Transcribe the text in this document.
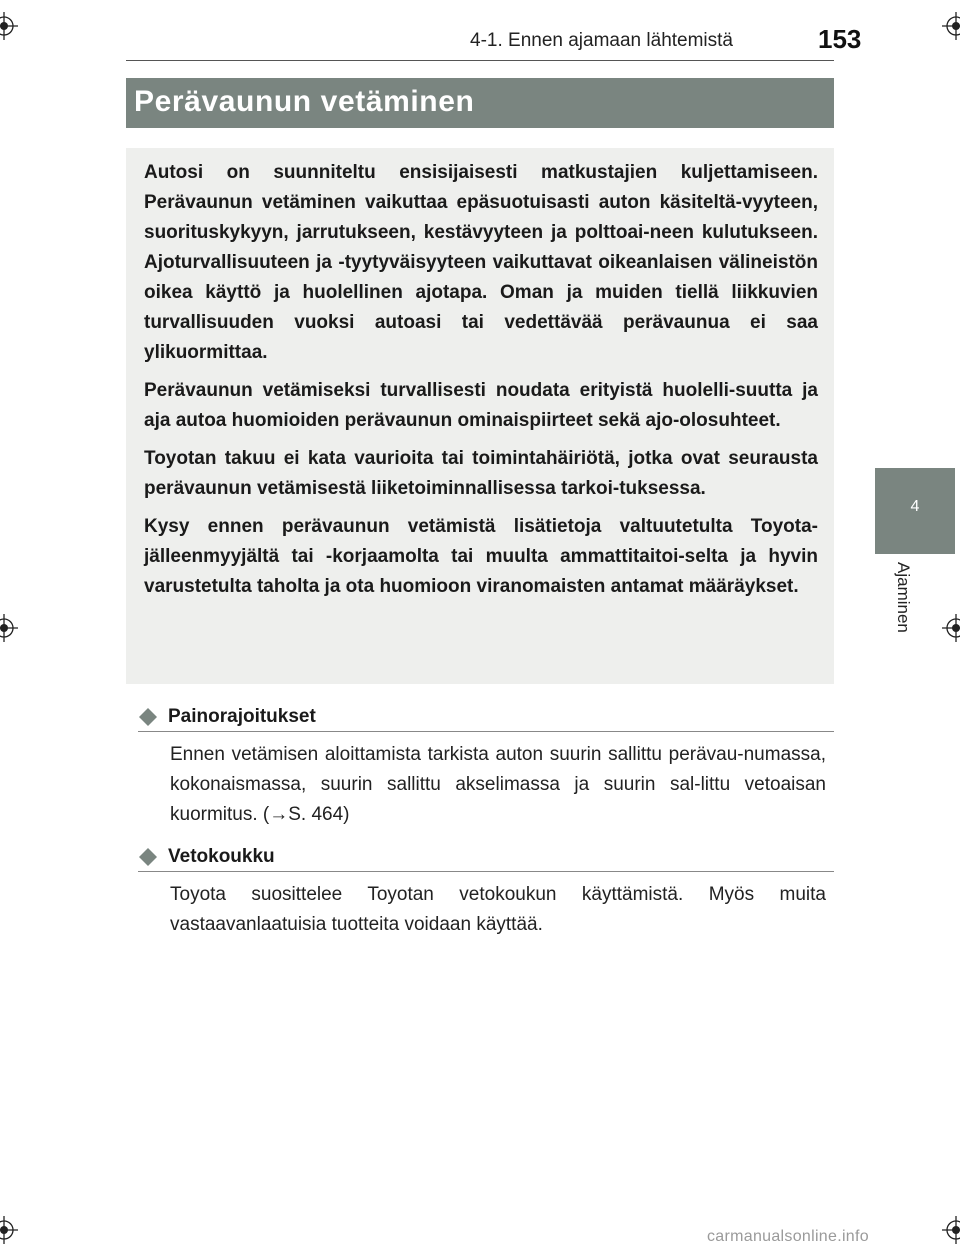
4-1. Ennen ajamaan lähtemistä	153
Perävaunun vetäminen
4
Ajaminen

Autosi on suunniteltu ensisijaisesti matkustajien kuljettamiseen. Perävaunun vetäminen vaikuttaa epäsuotuisasti auton käsiteltä-vyyteen, suorituskykyyn, jarrutukseen, kestävyyteen ja polttoai-neen kulutukseen. Ajoturvallisuuteen ja -tyytyväisyyteen vaikuttavat oikeanlaisen välineistön oikea käyttö ja huolellinen ajotapa. Oman ja muiden tiellä liikkuvien turvallisuuden vuoksi autoasi tai vedettävää perävaunua ei saa ylikuormittaa.

Perävaunun vetämiseksi turvallisesti noudata erityistä huolelli-suutta ja aja autoa huomioiden perävaunun ominaispiirteet sekä ajo-olosuhteet.

Toyotan takuu ei kata vaurioita tai toimintahäiriötä, jotka ovat seurausta perävaunun vetämisestä liiketoiminnallisessa tarkoi-tuksessa.

Kysy ennen perävaunun vetämistä lisätietoja valtuutetulta Toyota-jälleenmyyjältä tai -korjaamolta tai muulta ammattitaitoi-selta ja hyvin varustetulta taholta ja ota huomioon viranomaisten antamat määräykset.

Painorajoitukset
Ennen vetämisen aloittamista tarkista auton suurin sallittu perävau-numassa, kokonaismassa, suurin sallittu akselimassa ja suurin sal-littu vetoaisan kuormitus. (→S. 464)
Vetokoukku
Toyota suosittelee Toyotan vetokoukun käyttämistä. Myös muita vastaavanlaatuisia tuotteita voidaan käyttää.
carmanualsonline.info
